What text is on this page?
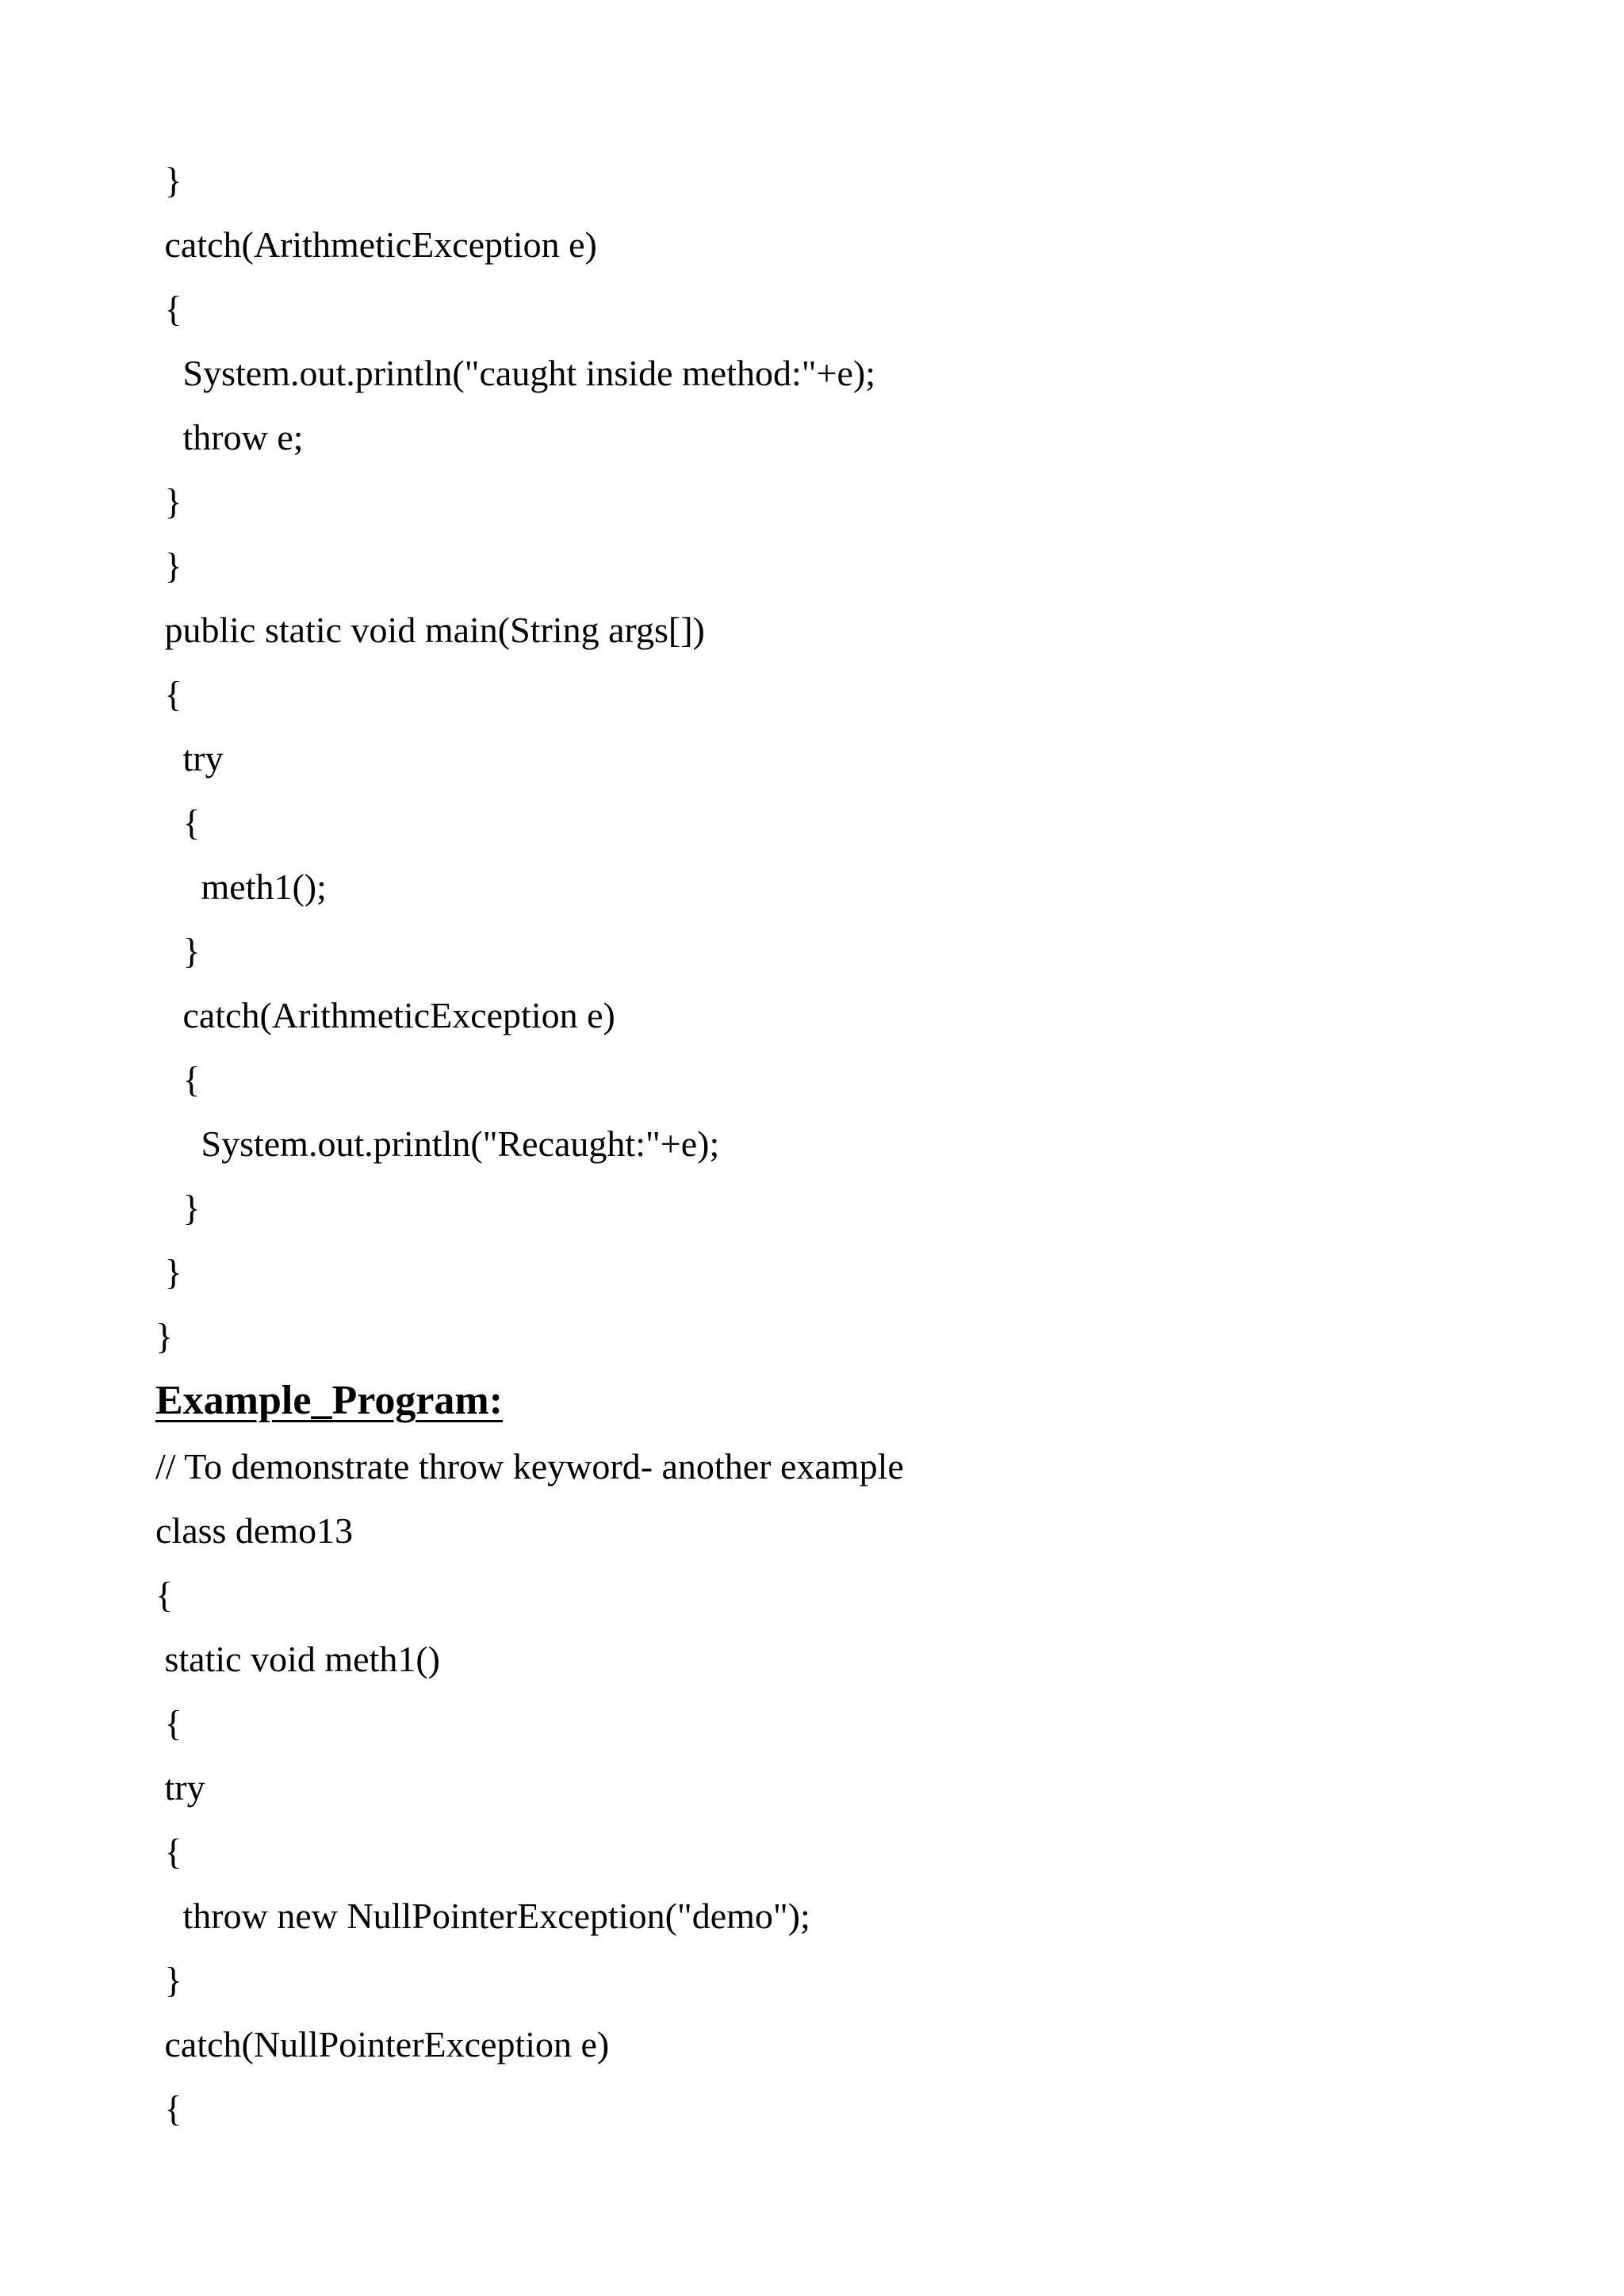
}
catch(ArithmeticException e)
{
System.out.println("caught inside method:"+e);
throw e;
}
}
public static void main(String args[])
{
try
{
meth1();
}
catch(ArithmeticException e)
{
System.out.println("Recaught:"+e);
}
}
}
Example_Program:
// To demonstrate throw keyword- another example
class demo13
{
static void meth1()
{
try
{
throw new NullPointerException("demo");
}
catch(NullPointerException e)
{
